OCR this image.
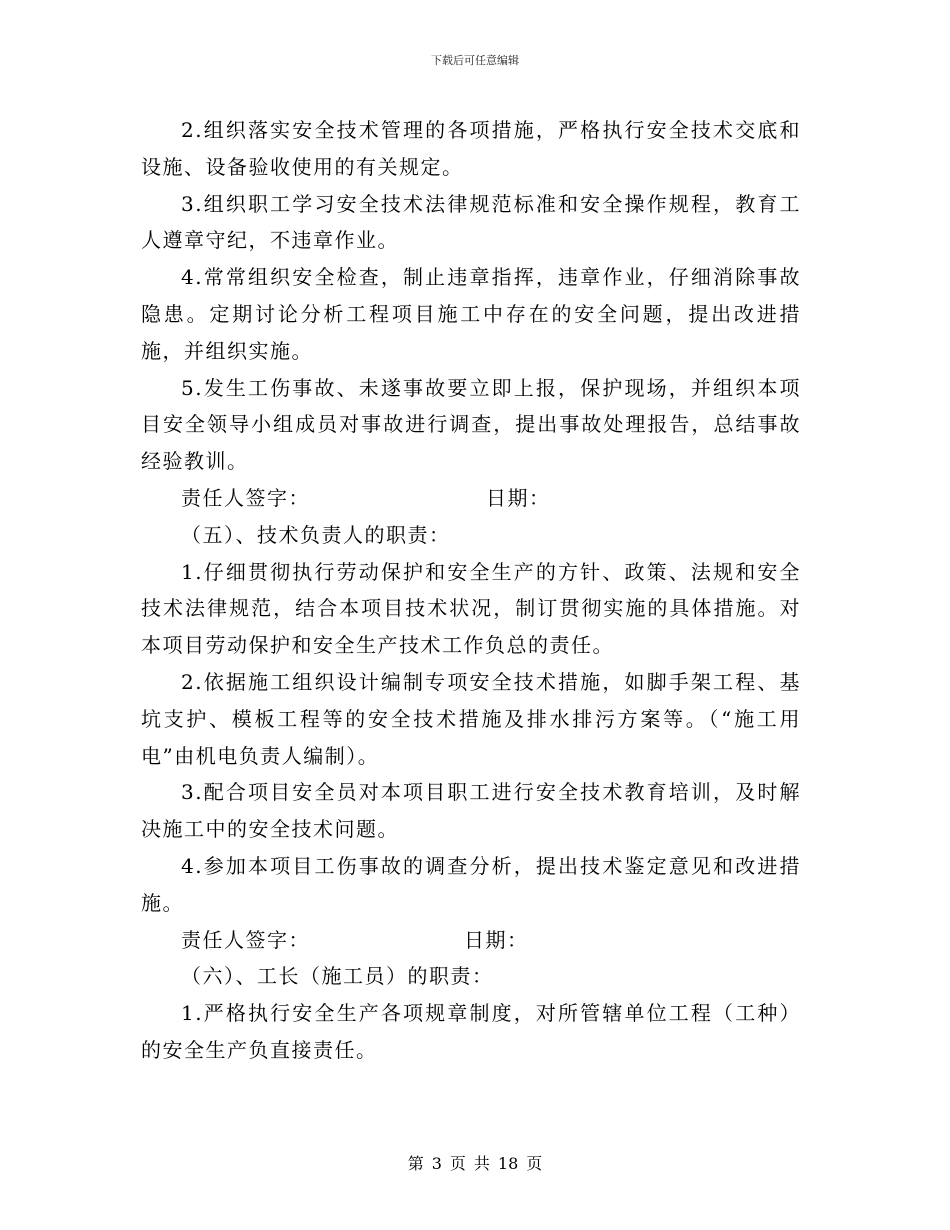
下载后可任意编辑

2.组织落实安全技术管理的各项措施，严格执行安全技术交底和设施、设备验收使用的有关规定。

3.组织职工学习安全技术法律规范标准和安全操作规程，教育工人遵章守纪，不违章作业。

4.常常组织安全检查，制止违章指挥，违章作业，仔细消除事故隐患。定期讨论分析工程项目施工中存在的安全问题，提出改进措施，并组织实施。

5.发生工伤事故、未遂事故要立即上报，保护现场，并组织本项目安全领导小组成员对事故进行调查，提出事故处理报告，总结事故经验教训。

责任人签字：	日期：

（五）、技术负责人的职责：

1.仔细贯彻执行劳动保护和安全生产的方针、政策、法规和安全技术法律规范，结合本项目技术状况，制订贯彻实施的具体措施。对本项目劳动保护和安全生产技术工作负总的责任。

2.依据施工组织设计编制专项安全技术措施，如脚手架工程、基坑支护、模板工程等的安全技术措施及排水排污方案等。（“施工用电”由机电负责人编制）。

3.配合项目安全员对本项目职工进行安全技术教育培训，及时解决施工中的安全技术问题。

4.参加本项目工伤事故的调查分析，提出技术鉴定意见和改进措施。

责任人签字：	日期：

（六）、工长（施工员）的职责：

1.严格执行安全生产各项规章制度，对所管辖单位工程（工种）的安全生产负直接责任。

第 3 页 共 18 页
